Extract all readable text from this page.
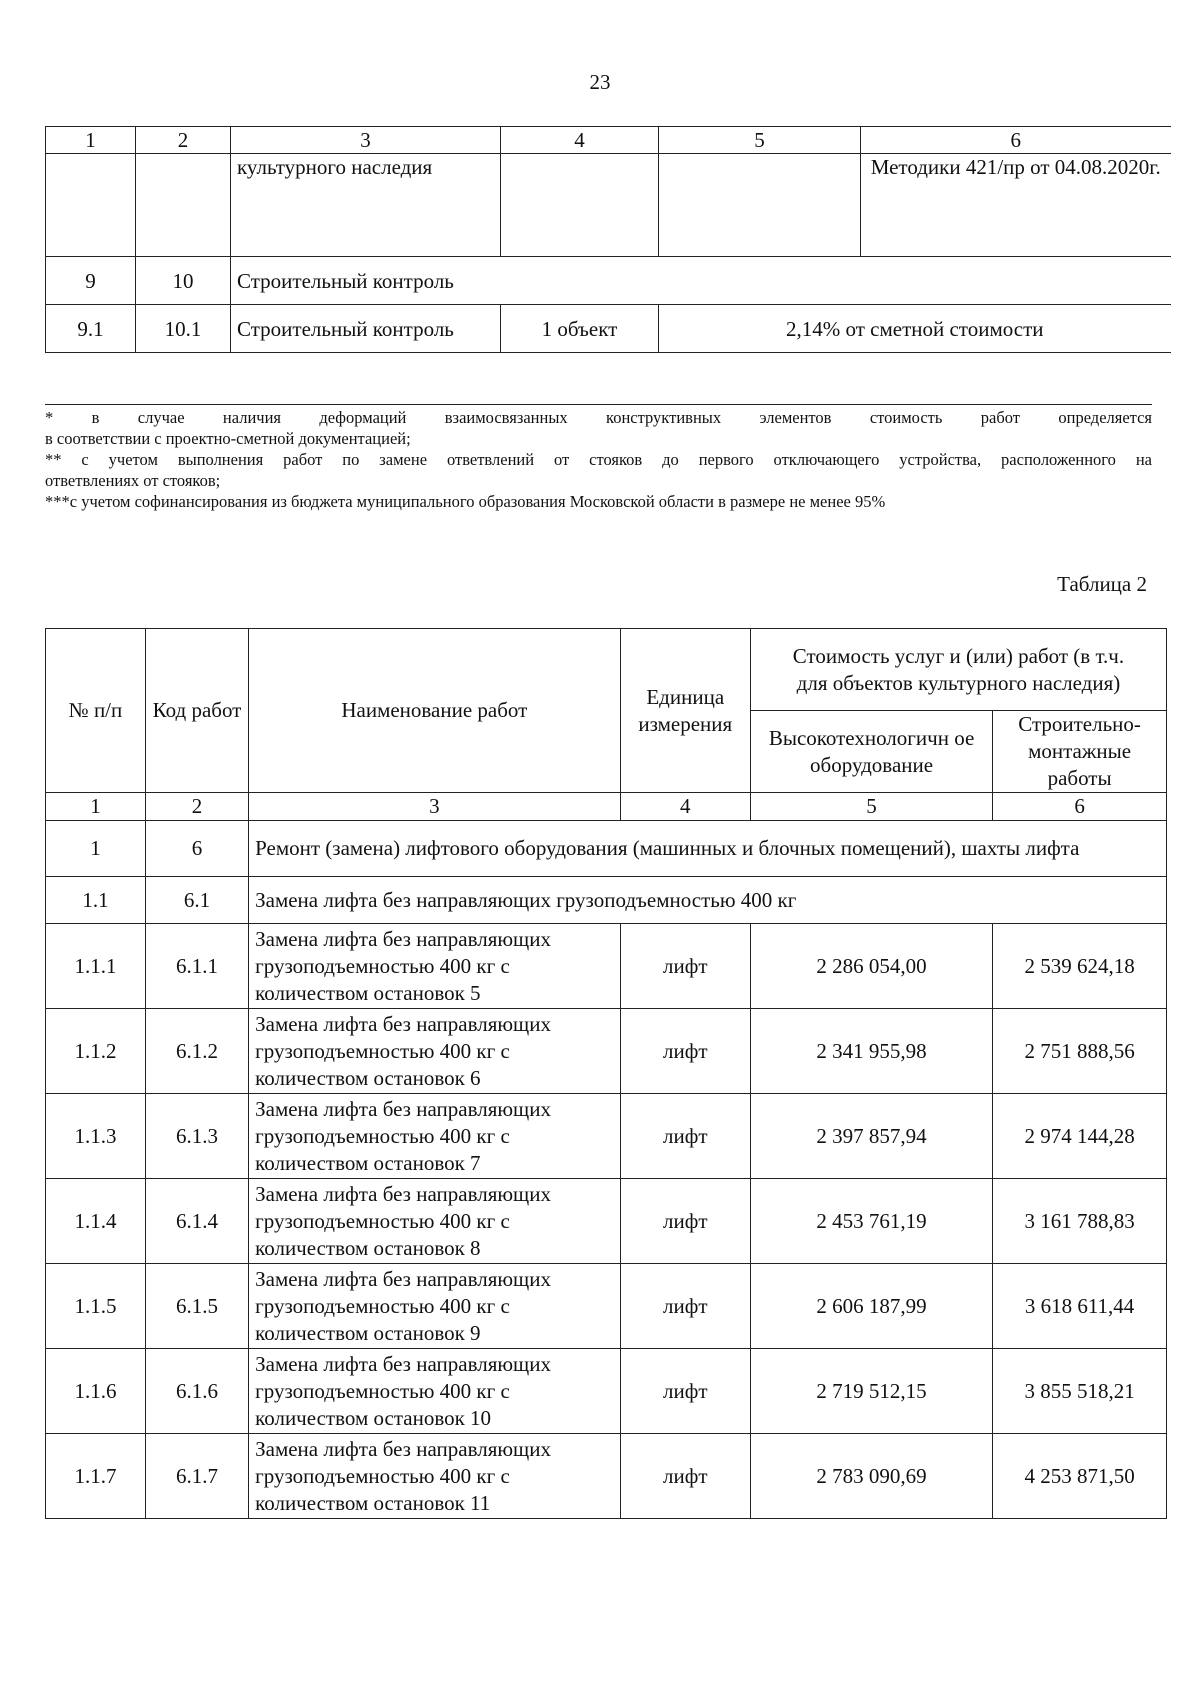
23
1	2	3	4	5	6
		культурного наследия			Методики 421/пр от 04.08.2020г.
9	10	Строительный контроль			
9.1	10.1	Строительный контроль	1 объект	2,14% от сметной стоимости	

* в случае наличия деформаций взаимосвязанных конструктивных элементов стоимость работ определяется

в соответствии с проектно-сметной документацией;

** с учетом выполнения работ по замене ответвлений от стояков до первого отключающего устройства, расположенного на

ответвлениях от стояков;

***с учетом софинансирования из бюджета муниципального образования Московской области в размере не менее 95%

Таблица 2
№ п/п	Код работ	Наименование работ	Единица измерения	Стоимость услуг и (или) работ (в т.ч. для объектов культурного наследия)	
				Высокотехнологичн ое оборудование	Строительно-монтажные работы
1	2	3	4	5	6
1	6	Ремонт (замена) лифтового оборудования (машинных и блочных помещений), шахты лифта			
1.1	6.1	Замена лифта без направляющих грузоподъемностью 400 кг			
1.1.1	6.1.1	Замена лифта без направляющих грузоподъемностью 400 кг с количеством остановок 5	лифт	2 286 054,00	2 539 624,18
1.1.2	6.1.2	Замена лифта без направляющих грузоподъемностью 400 кг с количеством остановок 6	лифт	2 341 955,98	2 751 888,56
1.1.3	6.1.3	Замена лифта без направляющих грузоподъемностью 400 кг с количеством остановок 7	лифт	2 397 857,94	2 974 144,28
1.1.4	6.1.4	Замена лифта без направляющих грузоподъемностью 400 кг с количеством остановок 8	лифт	2 453 761,19	3 161 788,83
1.1.5	6.1.5	Замена лифта без направляющих грузоподъемностью 400 кг с количеством остановок 9	лифт	2 606 187,99	3 618 611,44
1.1.6	6.1.6	Замена лифта без направляющих грузоподъемностью 400 кг с количеством остановок 10	лифт	2 719 512,15	3 855 518,21
1.1.7	6.1.7	Замена лифта без направляющих грузоподъемностью 400 кг с количеством остановок 11	лифт	2 783 090,69	4 253 871,50
